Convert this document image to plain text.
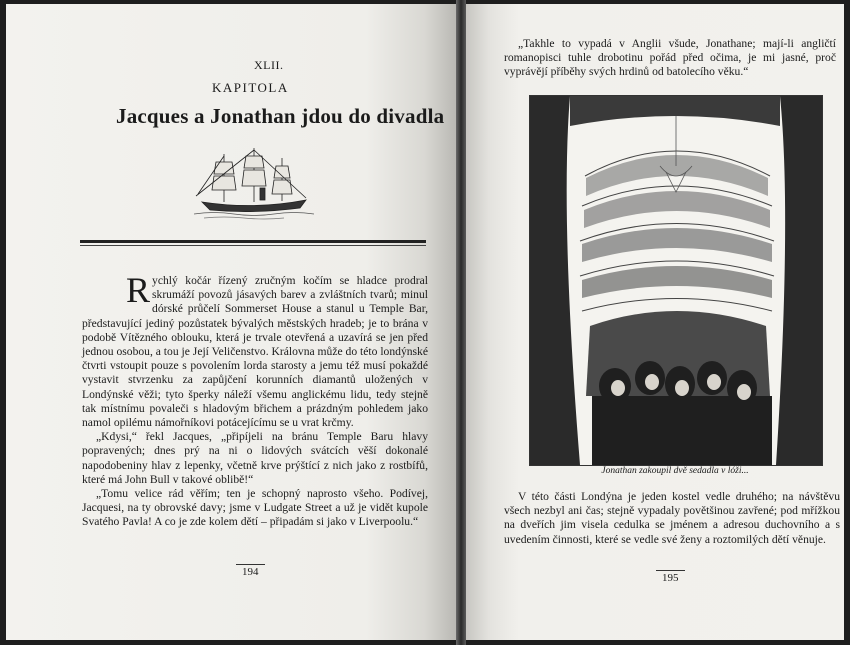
XLII.
KAPITOLA
Jacques a Jonathan jdou do divadla
R ychlý kočár řízený zručným kočím se hladce prodral skrumáží povozů jásavých barev a zvláštních tvarů; minul dórské průčelí Sommerset House a stanul u Temple Bar, představující jediný pozůstatek bývalých městských hradeb; je to brána v podobě Vítězného oblouku, která je trvale otevřená a uzavírá se jen před jednou osobou, a tou je Její Veličenstvo. Královna může do této londýnské čtvrti vstoupit pouze s povolením lorda starosty a jemu též musí pokaždé vystavit stvrzenku za zapůjčení korunních diamantů uložených v Londýnské věži; tyto šperky náleží všemu anglickému lidu, tedy stejně tak místnímu povaleči s hladovým břichem a prázdným pohledem jako namol opilému námořníkovi potácejícímu se u vrat krčmy.

„Kdysi,“ řekl Jacques, „připíjeli na bránu Temple Baru hlavy popravených; dnes prý na ni o lidových svátcích věší dokonalé napodobeniny hlav z lepenky, včetně krve prýštící z nich jako z rostbífů, které má John Bull v takové oblibě!“

„Tomu velice rád věřím; ten je schopný naprosto všeho. Podívej, Jacquesi, na ty obrovské davy; jsme v Ludgate Street a už je vidět kupole Svatého Pavla! A co je zde kolem dětí – připadám si jako v Liverpoolu.“

194

„Takhle to vypadá v Anglii všude, Jonathane; mají-li angličtí romanopisci tuhle drobotinu pořád před očima, je mi jasné, proč vyprávějí příběhy svých hrdinů od batolecího věku.“

Jonathan zakoupil dvě sedadla v lóži...

V této části Londýna je jeden kostel vedle druhého; na návštěvu všech nezbyl ani čas; stejně vypadaly povětšinou zavřené; pod mřížkou na dveřích jim visela cedulka se jménem a adresou duchovního a s uvedením činnosti, které se vedle své ženy a roztomilých dětí věnuje.

195
